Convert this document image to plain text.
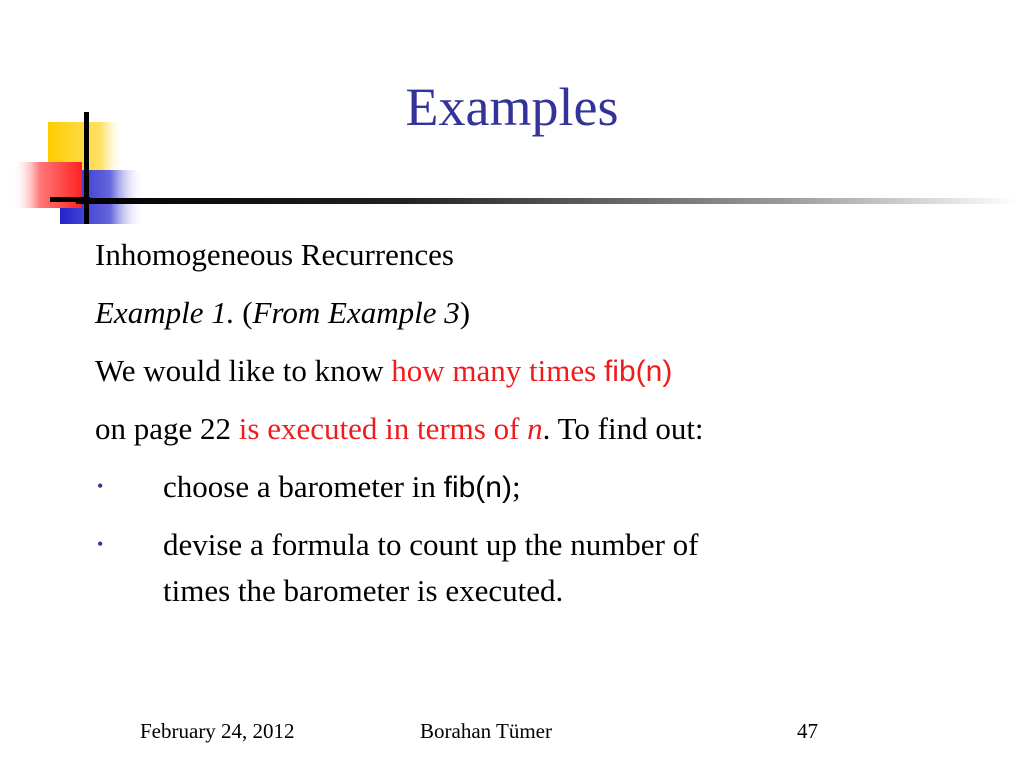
Examples
Inhomogeneous Recurrences
Example 1. (From Example 3)
We would like to know how many times fib(n)
on page 22 is executed in terms of n. To find out:
•	choose a barometer in fib(n);
•	devise a formula to count up the number of
times the barometer is executed.
February 24, 2012	Borahan Tümer	47
